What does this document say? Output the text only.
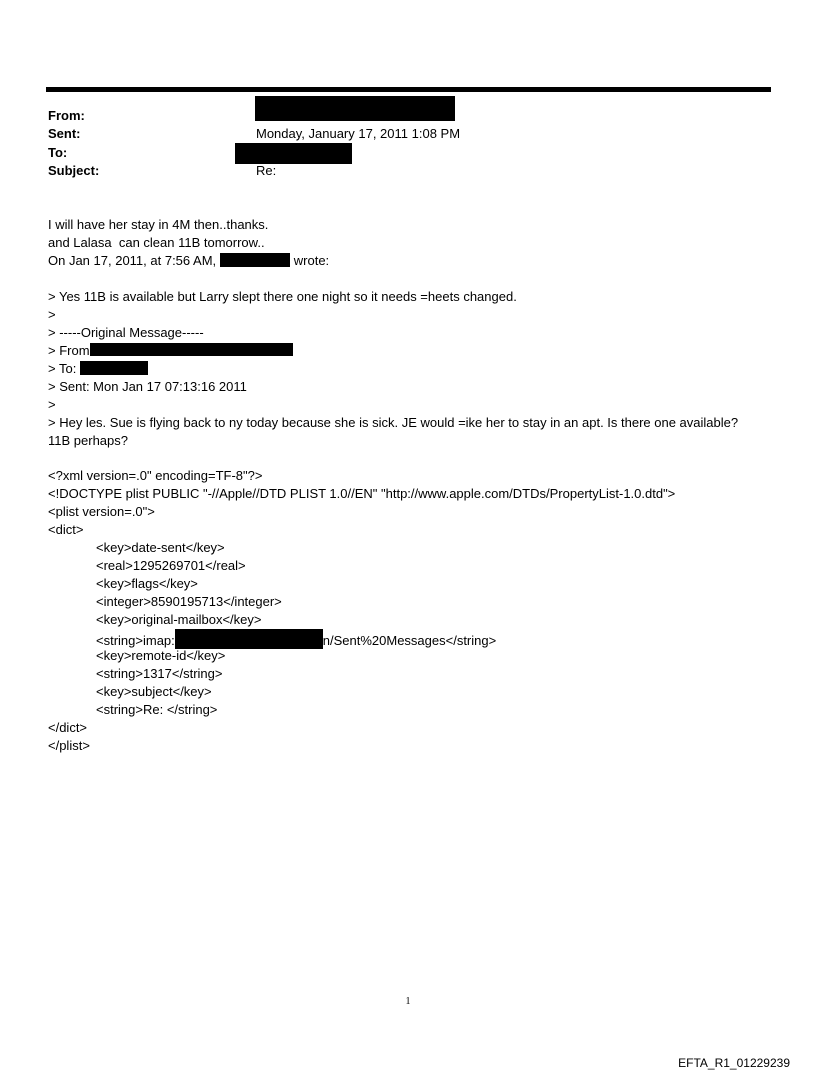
From:
Sent:	Monday, January 17, 2011 1:08 PM
To:
Subject:	Re:
I will have her stay in 4M then..thanks.
and Lalasa  can clean 11B tomorrow..
On Jan 17, 2011, at 7:56 AM,	wrote:
> Yes 11B is available but Larry slept there one night so it needs =heets changed.
>
> -----Original Message-----
> From
> To:
> Sent: Mon Jan 17 07:13:16 2011
>
> Hey les. Sue is flying back to ny today because she is sick. JE would =ike her to stay in an apt. Is there one available?
11B perhaps?
<?xml version=.0" encoding=TF-8"?>
<!DOCTYPE plist PUBLIC "-//Apple//DTD PLIST 1.0//EN" "http://www.apple.com/DTDs/PropertyList-1.0.dtd">
<plist version=.0">
<dict>
<key>date-sent</key>
<real>1295269701</real>
<key>flags</key>
<integer>8590195713</integer>
<key>original-mailbox</key>
<string>imap:	n/Sent%20Messages</string>
<key>remote-id</key>
<string>1317</string>
<key>subject</key>
<string>Re: </string>
</dict>
</plist>
1
EFTA_R1_01229239
